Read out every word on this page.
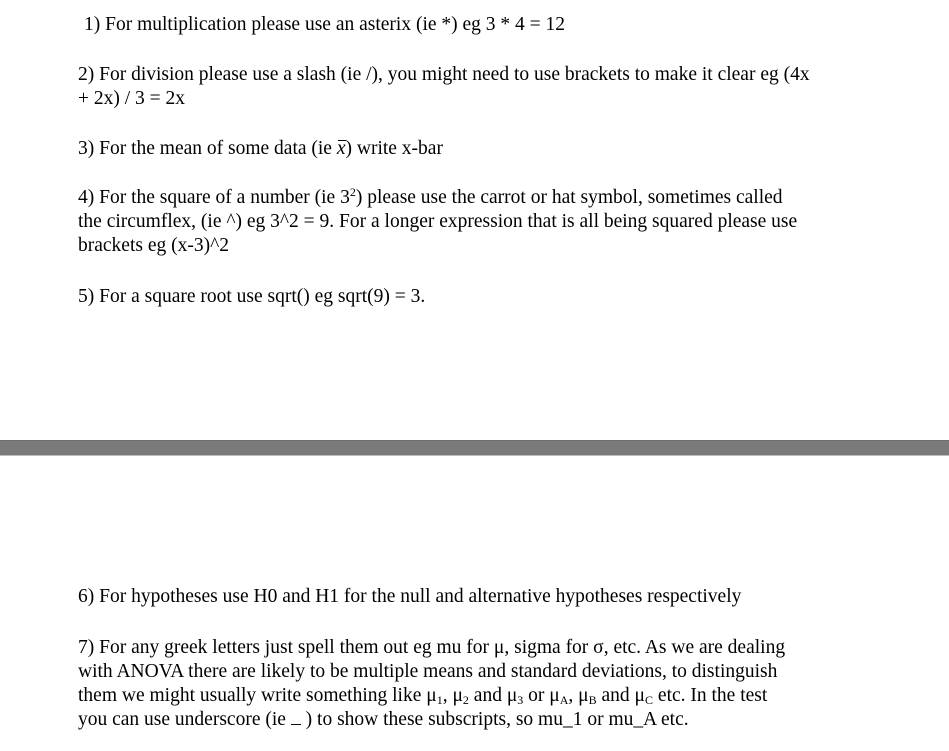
1) For multiplication please use an asterix (ie *) eg 3 * 4 = 12

2) For division please use a slash (ie /), you might need to use brackets to make it clear eg (4x
+ 2x) / 3 = 2x

3) For the mean of some data (ie x) write x-bar

4) For the square of a number (ie $3^2$) please use the carrot or hat symbol, sometimes called
the circumflex, (ie ^) eg 3^2 = 9. For a longer expression that is all being squared please use
brackets eg (x-3)^2

5) For a square root use sqrt() eg sqrt(9) = 3.

6) For hypotheses use H0 and H1 for the null and alternative hypotheses respectively

7) For any greek letters just spell them out eg mu for μ, sigma for σ, etc. As we are dealing
with ANOVA there are likely to be multiple means and standard deviations, to distinguish
them we might usually write something like $\mu_1$, $\mu_2$ and $\mu_3$ or $\mu_A$, $\mu_B$ and $\mu_C$ etc. In the test
you can use underscore (ie  ) to show these subscripts, so mu_1 or mu_A etc.
